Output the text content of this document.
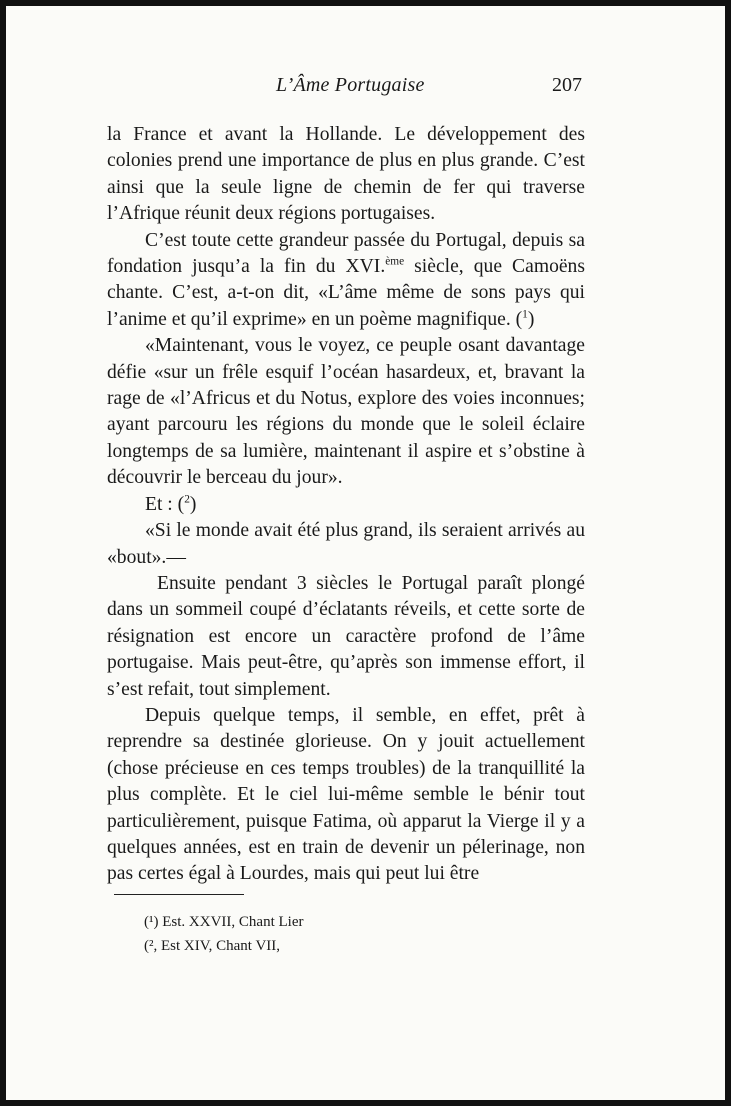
L’Âme Portugaise	207

la France et avant la Hollande. Le développement des colonies prend une importance de plus en plus grande. C’est ainsi que la seule ligne de chemin de fer qui traverse l’Afrique réunit deux régions portugaises.

C’est toute cette grandeur passée du Portugal, depuis sa fondation jusqu’a la fin du XVI.$^{ème}$ siècle, que Camoëns chante. C’est, a-t-on dit, «L’âme même de sons pays qui l’anime et qu’il exprime» en un poème magnifique. ($^1$)

«Maintenant, vous le voyez, ce peuple osant davantage défie «sur un frêle esquif l’océan hasardeux, et, bravant la rage de «l’Africus et du Notus, explore des voies inconnues; ayant parcouru les régions du monde que le soleil éclaire longtemps de sa lumière, maintenant il aspire et s’obstine à découvrir le berceau du jour».

Et : ($^2$)

«Si le monde avait été plus grand, ils seraient arrivés au «bout».—

Ensuite pendant 3 siècles le Portugal paraît plongé dans un sommeil coupé d’éclatants réveils, et cette sorte de résignation est encore un caractère profond de l’âme portugaise. Mais peut-être, qu’après son immense effort, il s’est refait, tout simplement.

Depuis quelque temps, il semble, en effet, prêt à reprendre sa destinée glorieuse. On y jouit actuellement (chose précieuse en ces temps troubles) de la tranquillité la plus complète. Et le ciel lui-même semble le bénir tout particulièrement, puisque Fatima, où apparut la Vierge il y a quelques années, est en train de devenir un pélerinage, non pas certes égal à Lourdes, mais qui peut lui être

(¹) Est. XXVII, Chant Lier

(², Est XIV, Chant VII,
